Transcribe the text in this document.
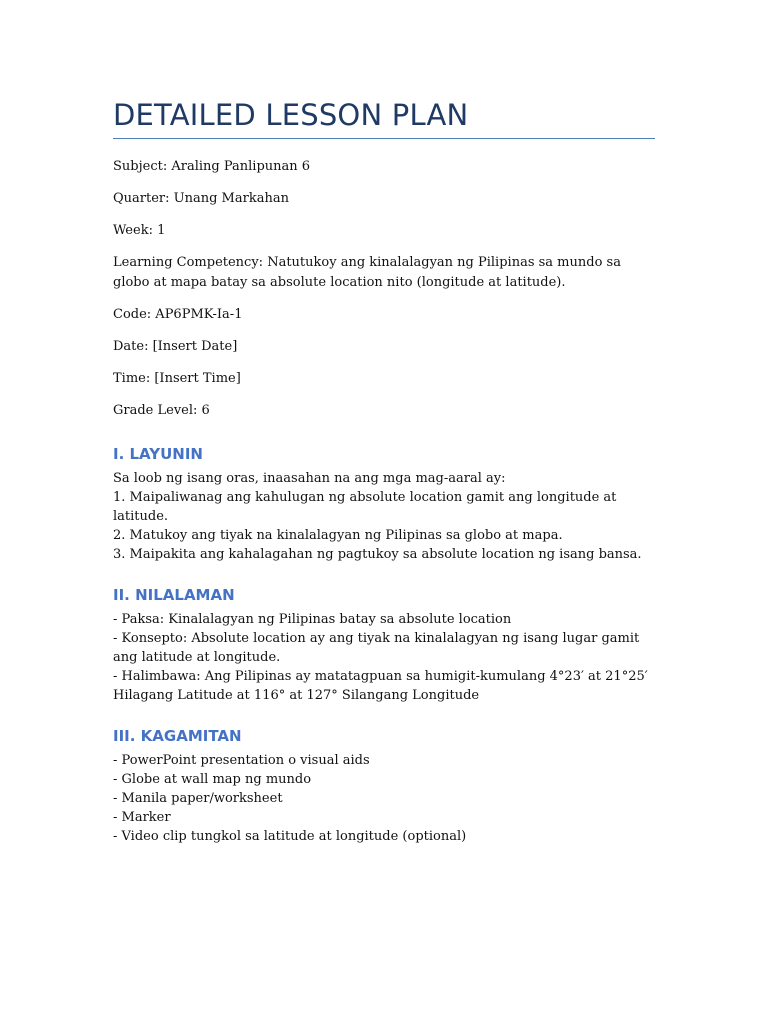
DETAILED LESSON PLAN

Subject: Araling Panlipunan 6

Quarter: Unang Markahan

Week: 1

Learning Competency: Natutukoy ang kinalalagyan ng Pilipinas sa mundo sa globo at mapa batay sa absolute location nito (longitude at latitude).

Code: AP6PMK-Ia-1

Date: [Insert Date]

Time: [Insert Time]

Grade Level: 6

I. LAYUNIN

Sa loob ng isang oras, inaasahan na ang mga mag-aaral ay:

1. Maipaliwanag ang kahulugan ng absolute location gamit ang longitude at latitude.

2. Matukoy ang tiyak na kinalalagyan ng Pilipinas sa globo at mapa.

3. Maipakita ang kahalagahan ng pagtukoy sa absolute location ng isang bansa.

II. NILALAMAN

- Paksa: Kinalalagyan ng Pilipinas batay sa absolute location

- Konsepto: Absolute location ay ang tiyak na kinalalagyan ng isang lugar gamit ang latitude at longitude.

- Halimbawa: Ang Pilipinas ay matatagpuan sa humigit-kumulang 4°23′ at 21°25′ Hilagang Latitude at 116° at 127° Silangang Longitude

III. KAGAMITAN

- PowerPoint presentation o visual aids

- Globe at wall map ng mundo

- Manila paper/worksheet

- Marker

- Video clip tungkol sa latitude at longitude (optional)
